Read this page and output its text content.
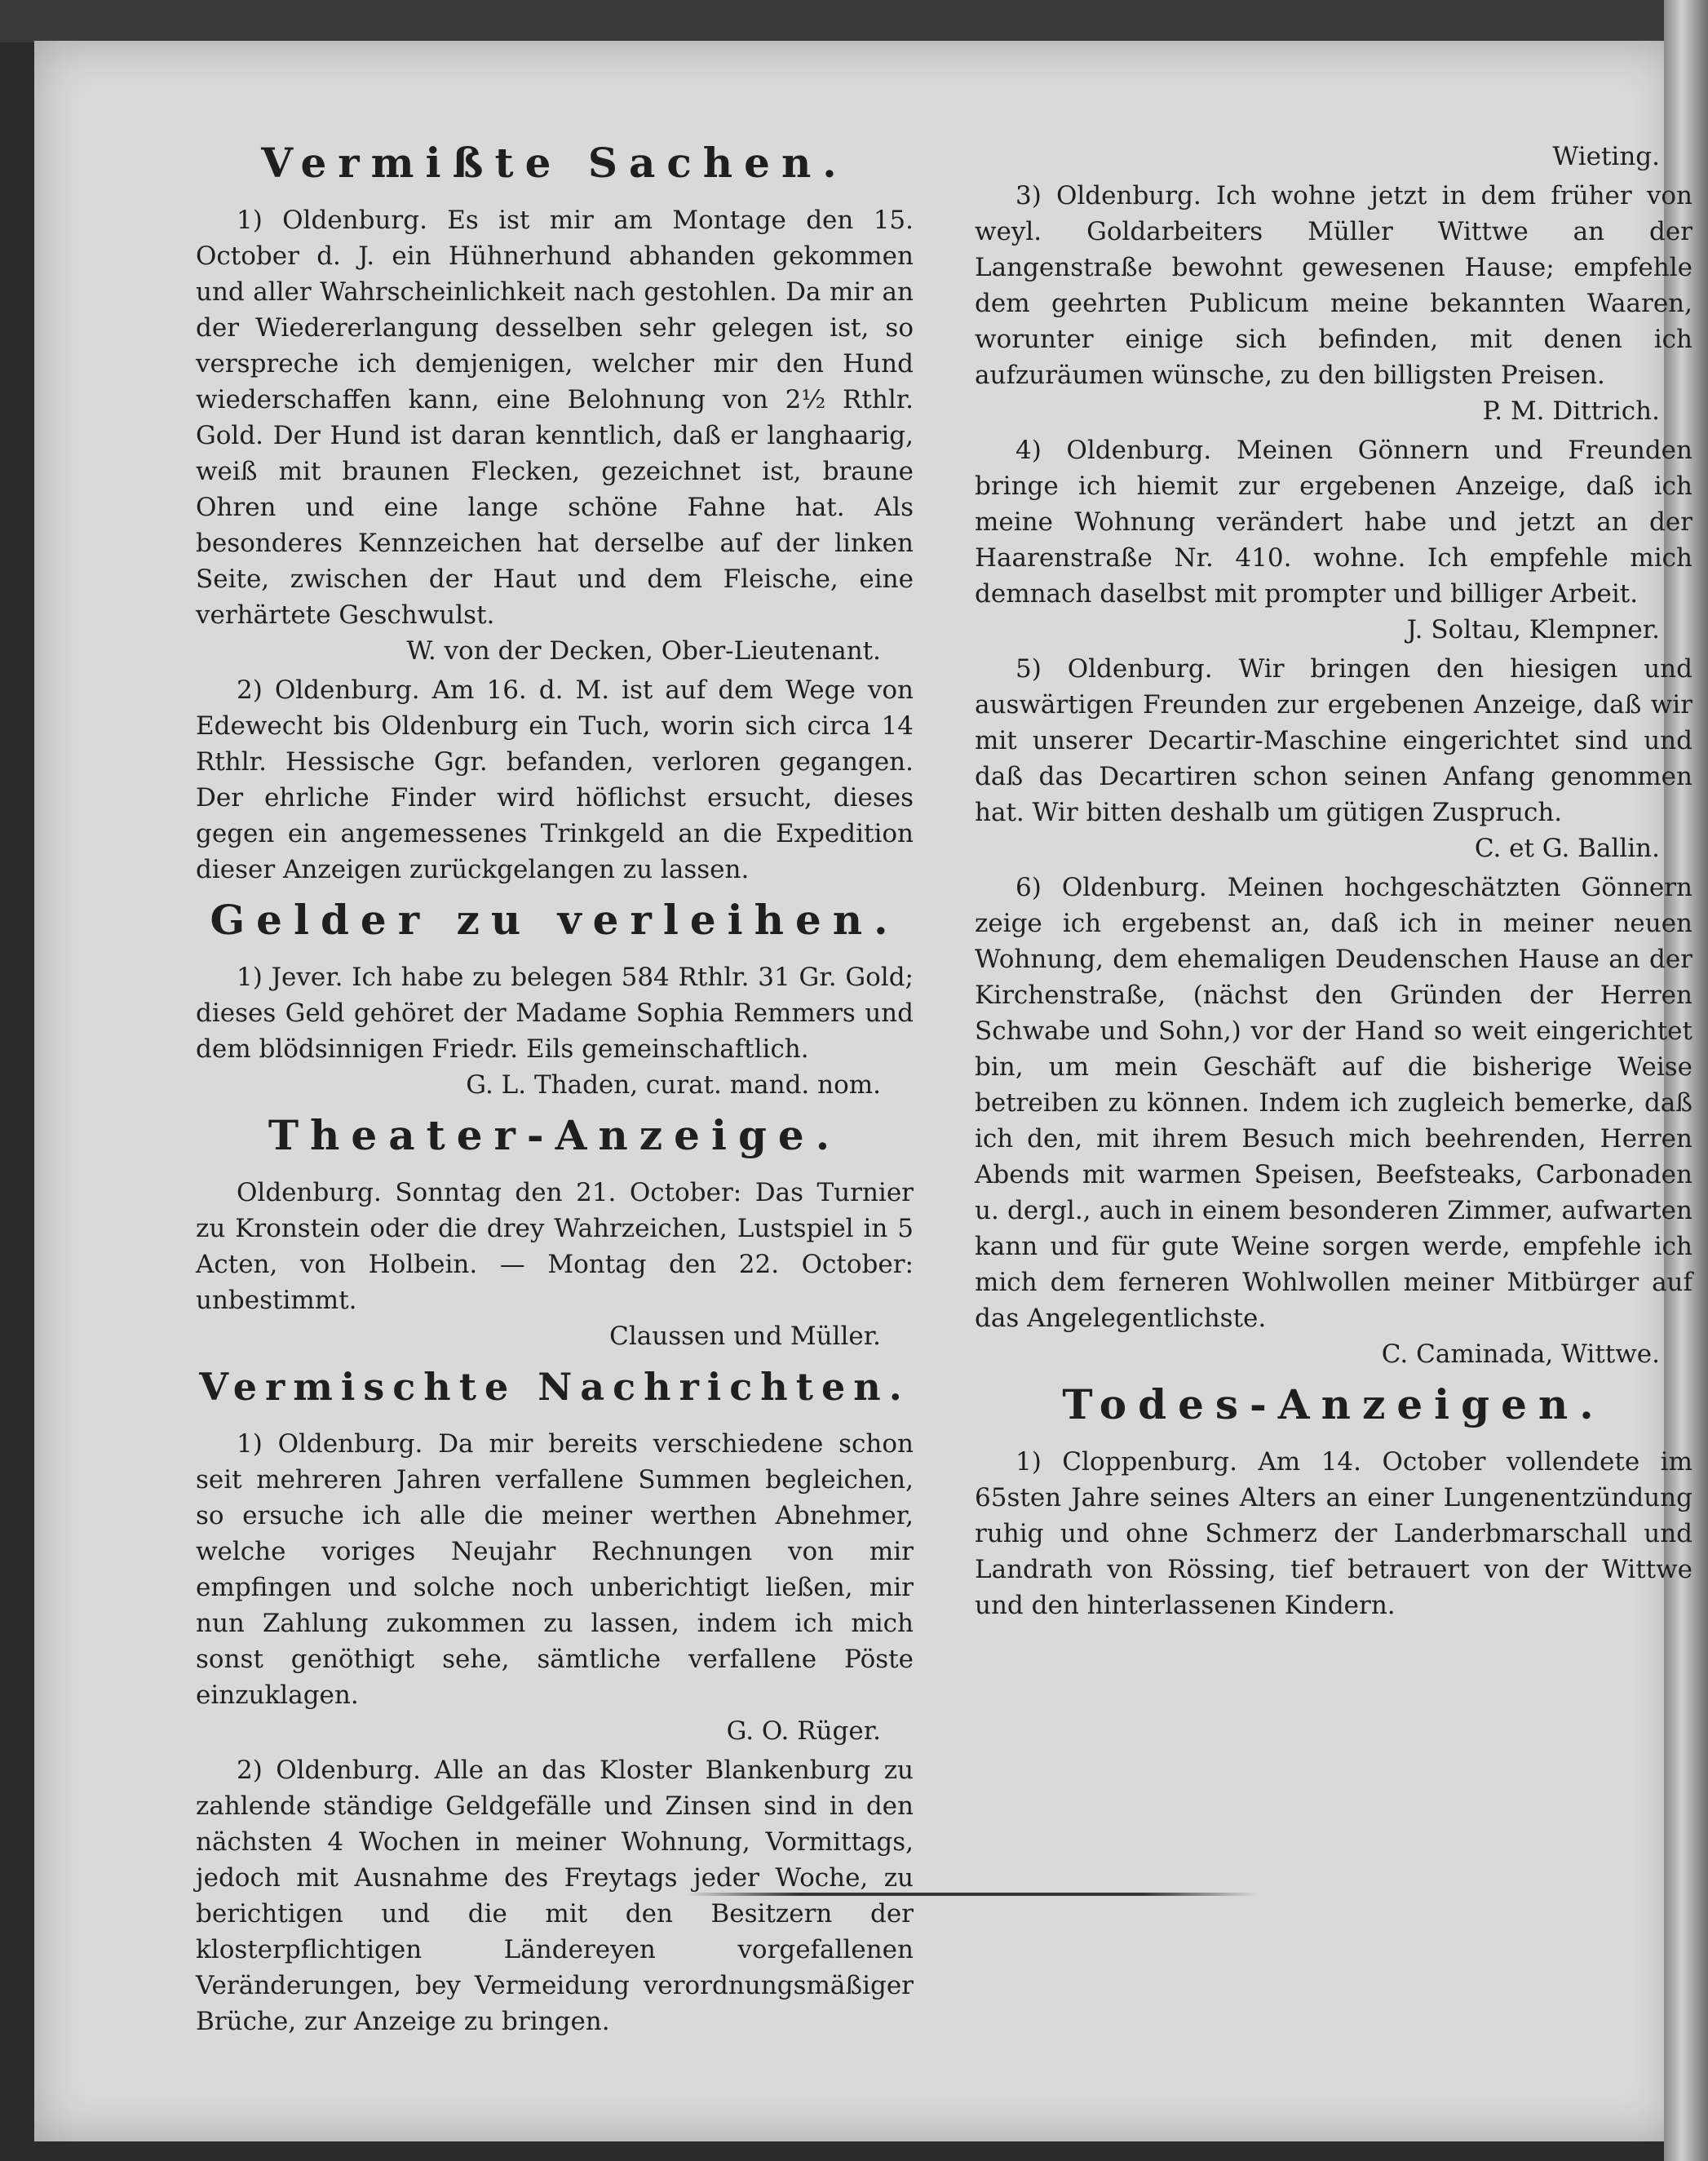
Vermißte Sachen.

1) Oldenburg. Es ist mir am Montage den 15. October d. J. ein Hühnerhund abhanden gekommen und aller Wahrscheinlichkeit nach gestohlen. Da mir an der Wiedererlangung desselben sehr gelegen ist, so verspreche ich demjenigen, welcher mir den Hund wiederschaffen kann, eine Belohnung von 2½ Rthlr. Gold. Der Hund ist daran kenntlich, daß er langhaarig, weiß mit braunen Flecken, gezeichnet ist, braune Ohren und eine lange schöne Fahne hat. Als besonderes Kennzeichen hat derselbe auf der linken Seite, zwischen der Haut und dem Fleische, eine verhärtete Geschwulst.

W. von der Decken, Ober-Lieutenant.

2) Oldenburg. Am 16. d. M. ist auf dem Wege von Edewecht bis Oldenburg ein Tuch, worin sich circa 14 Rthlr. Hessische Ggr. befanden, verloren gegangen. Der ehrliche Finder wird höflichst ersucht, dieses gegen ein angemessenes Trinkgeld an die Expedition dieser Anzeigen zurückgelangen zu lassen.

Gelder zu verleihen.

1) Jever. Ich habe zu belegen 584 Rthlr. 31 Gr. Gold; dieses Geld gehöret der Madame Sophia Remmers und dem blödsinnigen Friedr. Eils gemeinschaftlich.

G. L. Thaden, curat. mand. nom.

Theater-Anzeige.

Oldenburg. Sonntag den 21. October: Das Turnier zu Kronstein oder die drey Wahrzeichen, Lustspiel in 5 Acten, von Holbein. — Montag den 22. October: unbestimmt.

Claussen und Müller.

Vermischte Nachrichten.

1) Oldenburg. Da mir bereits verschiedene schon seit mehreren Jahren verfallene Summen begleichen, so ersuche ich alle die meiner werthen Abnehmer, welche voriges Neujahr Rechnungen von mir empfingen und solche noch unberichtigt ließen, mir nun Zahlung zukommen zu lassen, indem ich mich sonst genöthigt sehe, sämtliche verfallene Pöste einzuklagen.

G. O. Rüger.

2) Oldenburg. Alle an das Kloster Blankenburg zu zahlende ständige Geldgefälle und Zinsen sind in den nächsten 4 Wochen in meiner Wohnung, Vormittags, jedoch mit Ausnahme des Freytags jeder Woche, zu berichtigen und die mit den Besitzern der klosterpflichtigen Ländereyen vorgefallenen Veränderungen, bey Vermeidung verordnungsmäßiger Brüche, zur Anzeige zu bringen.

Wieting.

3) Oldenburg. Ich wohne jetzt in dem früher von weyl. Goldarbeiters Müller Wittwe an der Langenstraße bewohnt gewesenen Hause; empfehle dem geehrten Publicum meine bekannten Waaren, worunter einige sich befinden, mit denen ich aufzuräumen wünsche, zu den billigsten Preisen.

P. M. Dittrich.

4) Oldenburg. Meinen Gönnern und Freunden bringe ich hiemit zur ergebenen Anzeige, daß ich meine Wohnung verändert habe und jetzt an der Haarenstraße Nr. 410. wohne. Ich empfehle mich demnach daselbst mit prompter und billiger Arbeit.

J. Soltau, Klempner.

5) Oldenburg. Wir bringen den hiesigen und auswärtigen Freunden zur ergebenen Anzeige, daß wir mit unserer Decartir-Maschine eingerichtet sind und daß das Decartiren schon seinen Anfang genommen hat. Wir bitten deshalb um gütigen Zuspruch.

C. et G. Ballin.

6) Oldenburg. Meinen hochgeschätzten Gönnern zeige ich ergebenst an, daß ich in meiner neuen Wohnung, dem ehemaligen Deudenschen Hause an der Kirchenstraße, (nächst den Gründen der Herren Schwabe und Sohn,) vor der Hand so weit eingerichtet bin, um mein Geschäft auf die bisherige Weise betreiben zu können. Indem ich zugleich bemerke, daß ich den, mit ihrem Besuch mich beehrenden, Herren Abends mit warmen Speisen, Beefsteaks, Carbonaden u. dergl., auch in einem besonderen Zimmer, aufwarten kann und für gute Weine sorgen werde, empfehle ich mich dem ferneren Wohlwollen meiner Mitbürger auf das Angelegentlichste.

C. Caminada, Wittwe.

Todes-Anzeigen.

1) Cloppenburg. Am 14. October vollendete im 65sten Jahre seines Alters an einer Lungenentzündung ruhig und ohne Schmerz der Landerbmarschall und Landrath von Rössing, tief betrauert von der Wittwe und den hinterlassenen Kindern.
